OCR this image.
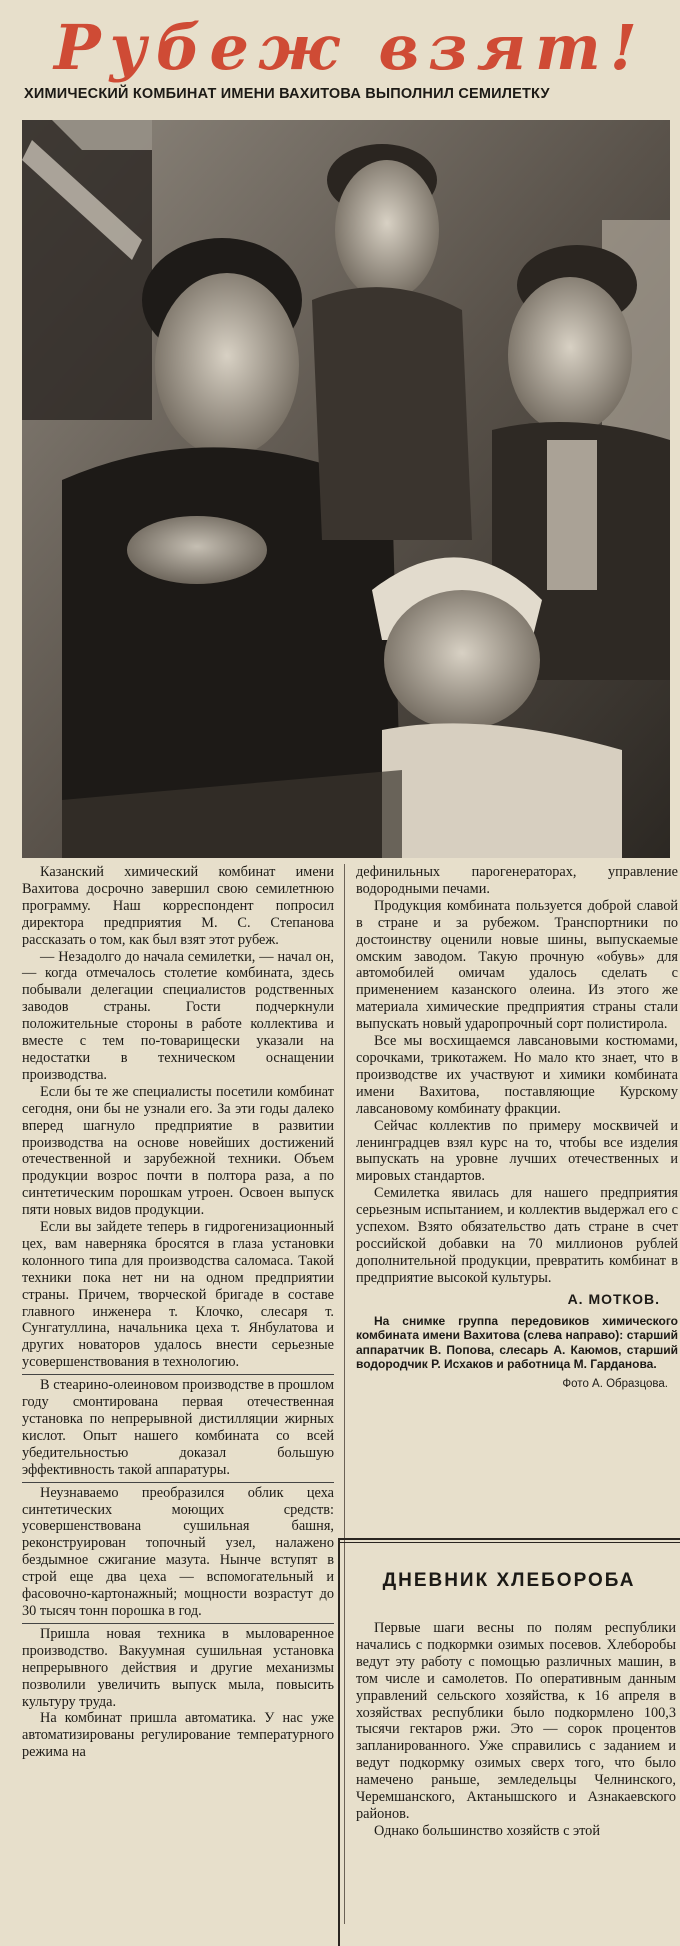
Рубеж взят!
ХИМИЧЕСКИЙ КОМБИНАТ ИМЕНИ ВАХИТОВА ВЫПОЛНИЛ СЕМИЛЕТКУ

Казанский химический комбинат имени Вахитова досрочно завершил свою семилетнюю программу. Наш корреспондент попросил директора предприятия М. С. Степанова рассказать о том, как был взят этот рубеж.

— Незадолго до начала семилетки, — начал он, — когда отмечалось столетие комбината, здесь побывали делегации специалистов родственных заводов страны. Гости подчеркнули положительные стороны в работе коллектива и вместе с тем по-товарищески указали на недостатки в техническом оснащении производства.

Если бы те же специалисты посетили комбинат сегодня, они бы не узнали его. За эти годы далеко вперед шагнуло предприятие в развитии производства на основе новейших достижений отечественной и зарубежной техники. Объем продукции возрос почти в полтора раза, а по синтетическим порошкам утроен. Освоен выпуск пяти новых видов продукции.

Если вы зайдете теперь в гидрогенизационный цех, вам наверняка бросятся в глаза установки колонного типа для производства саломаса. Такой техники пока нет ни на одном предприятии страны. Причем, творческой бригаде в составе главного инженера т. Клочко, слесаря т. Сунгатуллина, начальника цеха т. Янбулатова и других новаторов удалось внести серьезные усовершенствования в технологию.

В стеарино-олеиновом производстве в прошлом году смонтирована первая отечественная установка по непрерывной дистилляции жирных кислот. Опыт нашего комбината со всей убедительностью доказал большую эффективность такой аппаратуры.

Неузнаваемо преобразился облик цеха синтетических моющих средств: усовершенствована сушильная башня, реконструирован топочный узел, налажено бездымное сжигание мазута. Нынче вступят в строй еще два цеха — вспомогательный и фасовочно-картонажный; мощности возрастут до 30 тысяч тонн порошка в год.

Пришла новая техника в мыловаренное производство. Вакуумная сушильная установка непрерывного действия и другие механизмы позволили увеличить выпуск мыла, повысить культуру труда.

На комбинат пришла автоматика. У нас уже автоматизированы регулирование температурного режима на

дефинильных парогенераторах, управление водородными печами.

Продукция комбината пользуется доброй славой в стране и за рубежом. Транспортники по достоинству оценили новые шины, выпускаемые омским заводом. Такую прочную «обувь» для автомобилей омичам удалось сделать с применением казанского олеина. Из этого же материала химические предприятия страны стали выпускать новый ударопрочный сорт полистирола.

Все мы восхищаемся лавсановыми костюмами, сорочками, трикотажем. Но мало кто знает, что в производстве их участвуют и химики комбината имени Вахитова, поставляющие Курскому лавсановому комбинату фракции.

Сейчас коллектив по примеру москвичей и ленинградцев взял курс на то, чтобы все изделия выпускать на уровне лучших отечественных и мировых стандартов.

Семилетка явилась для нашего предприятия серьезным испытанием, и коллектив выдержал его с успехом. Взято обязательство дать стране в счет российской добавки на 70 миллионов рублей дополнительной продукции, превратить комбинат в предприятие высокой культуры.

А. МОТКОВ.
На снимке группа передовиков химического комбината имени Вахитова (слева направо): старший аппаратчик В. Попова, слесарь А. Каюмов, старший водородчик Р. Исхаков и работница М. Гарданова.
Фото А. Образцова.
ДНЕВНИК ХЛЕБОРОБА

Первые шаги весны по полям республики начались с подкормки озимых посевов. Хлеборобы ведут эту работу с помощью различных машин, в том числе и самолетов. По оперативным данным управлений сельского хозяйства, к 16 апреля в хозяйствах республики было подкормлено 100,3 тысячи гектаров ржи. Это — сорок процентов запланированного. Уже справились с заданием и ведут подкормку озимых сверх того, что было намечено раньше, земледельцы Челнинского, Черемшанского, Актанышского и Азнакаевского районов.

Однако большинство хозяйств с этой
